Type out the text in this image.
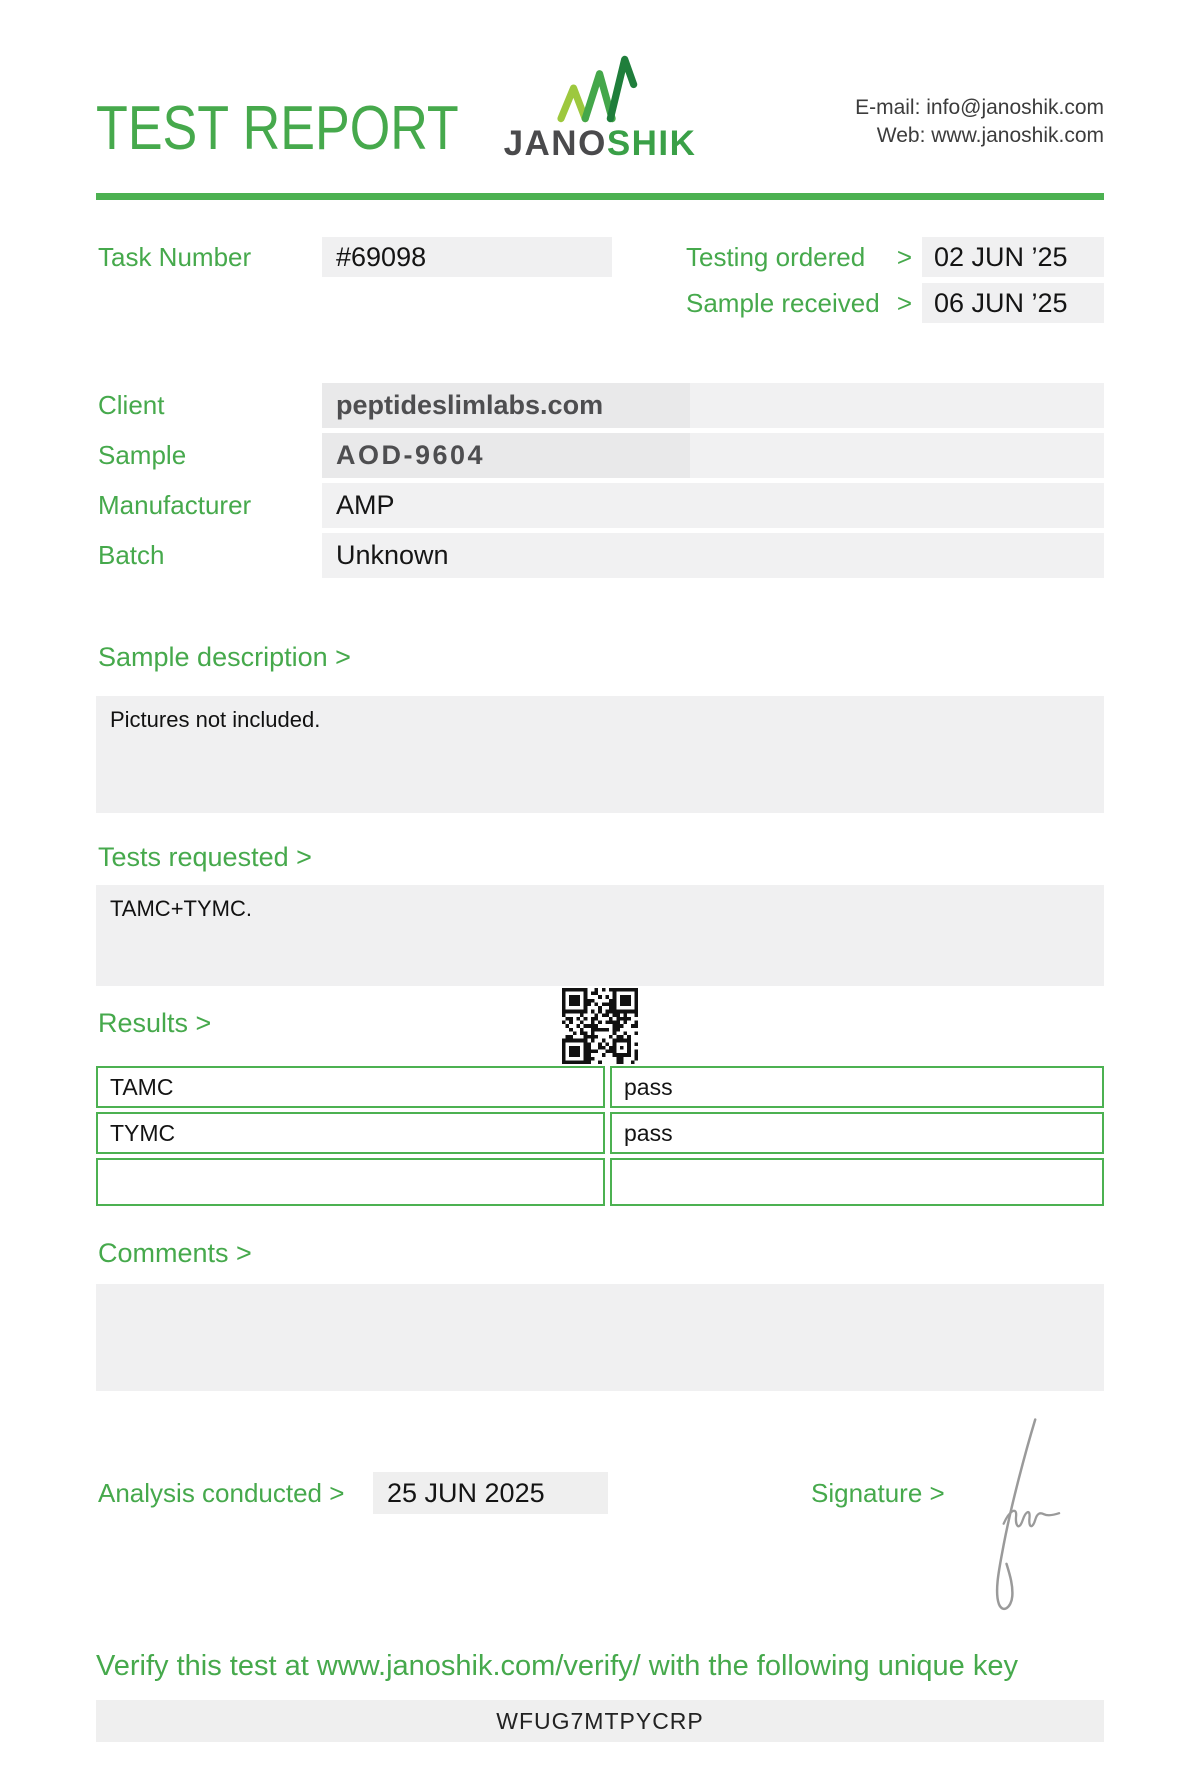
TEST REPORT	JANOSHIK
E-mail: info@janoshik.com
Web: www.janoshik.com
Task Number	#69098	Testing ordered > 02 JUN ’25
Sample received > 06 JUN ’25
Client	peptideslimlabs.com
Sample	AOD-9604
Manufacturer	AMP
Batch	Unknown
Sample description >
Pictures not included.
Tests requested >
TAMC+TYMC.
Results >
TAMC	pass
TYMC	pass
Comments >
Analysis conducted >	25 JUN 2025	Signature >
Verify this test at www.janoshik.com/verify/ with the following unique key
WFUG7MTPYCRP
